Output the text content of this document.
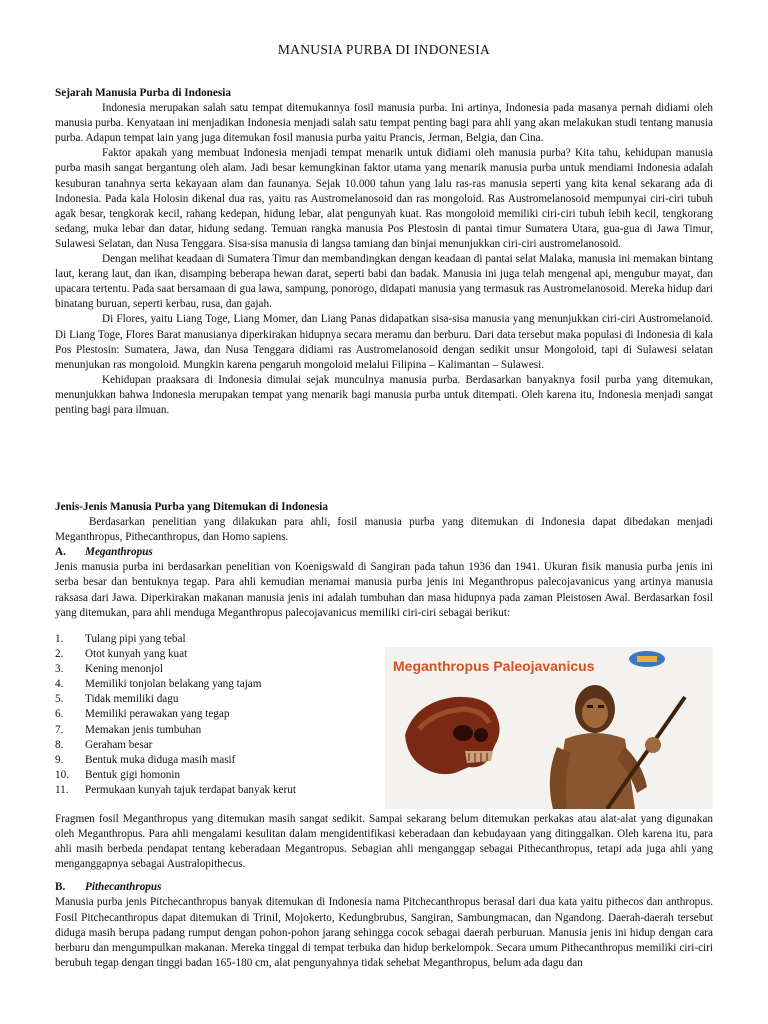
MANUSIA PURBA DI INDONESIA
Sejarah Manusia Purba di Indonesia

Indonesia merupakan salah satu tempat ditemukannya fosil manusia purba. Ini artinya, Indonesia pada masanya pernah didiami oleh manusia purba. Kenyataan ini menjadikan Indonesia menjadi salah satu tempat penting bagi para ahli yang akan melakukan studi tentang manusia purba. Adapun tempat lain yang juga ditemukan fosil manusia purba yaitu Prancis, Jerman, Belgia, dan Cina.

Faktor apakah yang membuat Indonesia menjadi tempat menarik untuk didiami oleh manusia purba? Kita tahu, kehidupan manusia purba masih sangat bergantung oleh alam. Jadi besar kemungkinan faktor utama yang menarik manusia purba untuk mendiami Indonesia adalah kesuburan tanahnya serta kekayaan alam dan faunanya. Sejak 10.000 tahun yang lalu ras-ras manusia seperti yang kita kenal sekarang ada di Indonesia. Pada kala Holosin dikenal dua ras, yaitu ras Austromelanosoid dan ras mongoloid. Ras Austromelanosoid mempunyai ciri-ciri tubuh agak besar, tengkorak kecil, rahang kedepan, hidung lebar, alat pengunyah kuat. Ras mongoloid memiliki ciri-ciri tubuh lebih kecil, tengkorang sedang, muka lebar dan datar, hidung sedang. Temuan rangka manusia Pos Plestosin di pantai timur Sumatera Utara, gua-gua di Jawa Timur, Sulawesi Selatan, dan Nusa Tenggara. Sisa-sisa manusia di langsa tamiang dan binjai menunjukkan ciri-ciri austromelanosoid.

Dengan melihat keadaan di Sumatera Timur dan membandingkan dengan keadaan di pantai selat Malaka, manusia ini memakan bintang laut, kerang laut, dan ikan, disamping beberapa hewan darat, seperti babi dan badak. Manusia ini juga telah mengenal api, mengubur mayat, dan upacara tertentu. Pada saat bersamaan di gua lawa, sampung, ponorogo, didapati manusia yang termasuk ras Austromelanosoid. Mereka hidup dari binatang buruan, seperti kerbau, rusa, dan gajah.

Di Flores, yaitu Liang Toge, Liang Momer, dan Liang Panas didapatkan sisa-sisa manusia yang menunjukkan ciri-ciri Austromelanoid. Di Liang Toge, Flores Barat manusianya diperkirakan hidupnya secara meramu dan berburu. Dari data tersebut maka populasi di Indonesia di kala Pos Plestosin: Sumatera, Jawa, dan Nusa Tenggara didiami ras Austromelanosoid dengan sedikit unsur Mongoloid, tapi di Sulawesi selatan menunjukan ras mongoloid. Mungkin karena pengaruh mongoloid melalui Filipina – Kalimantan – Sulawesi.

Kehidupan praaksara di Indonesia dimulai sejak munculnya manusia purba. Berdasarkan banyaknya fosil purba yang ditemukan, menunjukkan bahwa Indonesia merupakan tempat yang menarik bagi manusia purba untuk ditempati. Oleh karena itu, Indonesia menjadi sangat penting bagi para ilmuan.

Jenis-Jenis Manusia Purba yang Ditemukan di Indonesia

Berdasarkan penelitian yang dilakukan para ahli, fosil manusia purba yang ditemukan di Indonesia dapat dibedakan menjadi Meganthropus, Pithecanthropus, dan Homo sapiens.

A.	Meganthropus

Jenis manusia purba ini berdasarkan penelitian von Koenigswald di Sangiran pada tahun 1936 dan 1941. Ukuran fisik manusia purba jenis ini serba besar dan bentuknya tegap. Para ahli kemudian menamai manusia purba jenis ini Meganthropus palecojavanicus yang artinya manusia raksasa dari Jawa. Diperkirakan makanan manusia jenis ini adalah tumbuhan dan masa hidupnya pada zaman Pleistosen Awal. Berdasarkan fosil yang ditemukan, para ahli menduga Meganthropus palecojavanicus memiliki ciri-ciri sebagai berikut:

1.	Tulang pipi yang tebal
2.	Otot kunyah yang kuat
3.	Kening menonjol
4.	Memiliki tonjolan belakang yang tajam
5.	Tidak memiliki dagu
6.	Memiliki perawakan yang tegap
7.	Memakan jenis tumbuhan
8.	Geraham besar
9.	Bentuk muka diduga masih masif
10.	Bentuk gigi homonin
11.	Permukaan kunyah tajuk terdapat banyak kerut
Meganthropus Paleojavanicus

Fragmen fosil Meganthropus yang ditemukan masih sangat sedikit. Sampai sekarang belum ditemukan perkakas atau alat-alat yang digunakan oleh Meganthropus. Para ahli mengalami kesulitan dalam mengidentifikasi keberadaan dan kebudayaan yang ditinggalkan. Oleh karena itu, para ahli masih berbeda pendapat tentang keberadaan Megantropus. Sebagian ahli menganggap sebagai Pithecanthropus, tetapi ada juga ahli yang menganggapnya sebagai Australopithecus.

B.	Pithecanthropus

Manusia purba jenis Pitchecanthropus banyak ditemukan di Indonesia nama Pitchecanthropus berasal dari dua kata yaitu pithecos dan anthropus. Fosil Pitchecanthropus dapat ditemukan di Trinil, Mojokerto, Kedungbrubus, Sangiran, Sambungmacan, dan Ngandong. Daerah-daerah tersebut diduga masih berupa padang rumput dengan pohon-pohon jarang sehingga cocok sebagai daerah perburuan. Manusia jenis ini hidup dengan cara berburu dan mengumpulkan makanan. Mereka tinggal di tempat terbuka dan hidup berkelompok. Secara umum Pithecanthropus memiliki ciri-ciri berubuh tegap dengan tinggi badan 165-180 cm, alat pengunyahnya tidak sehebat Meganthropus, belum ada dagu dan
